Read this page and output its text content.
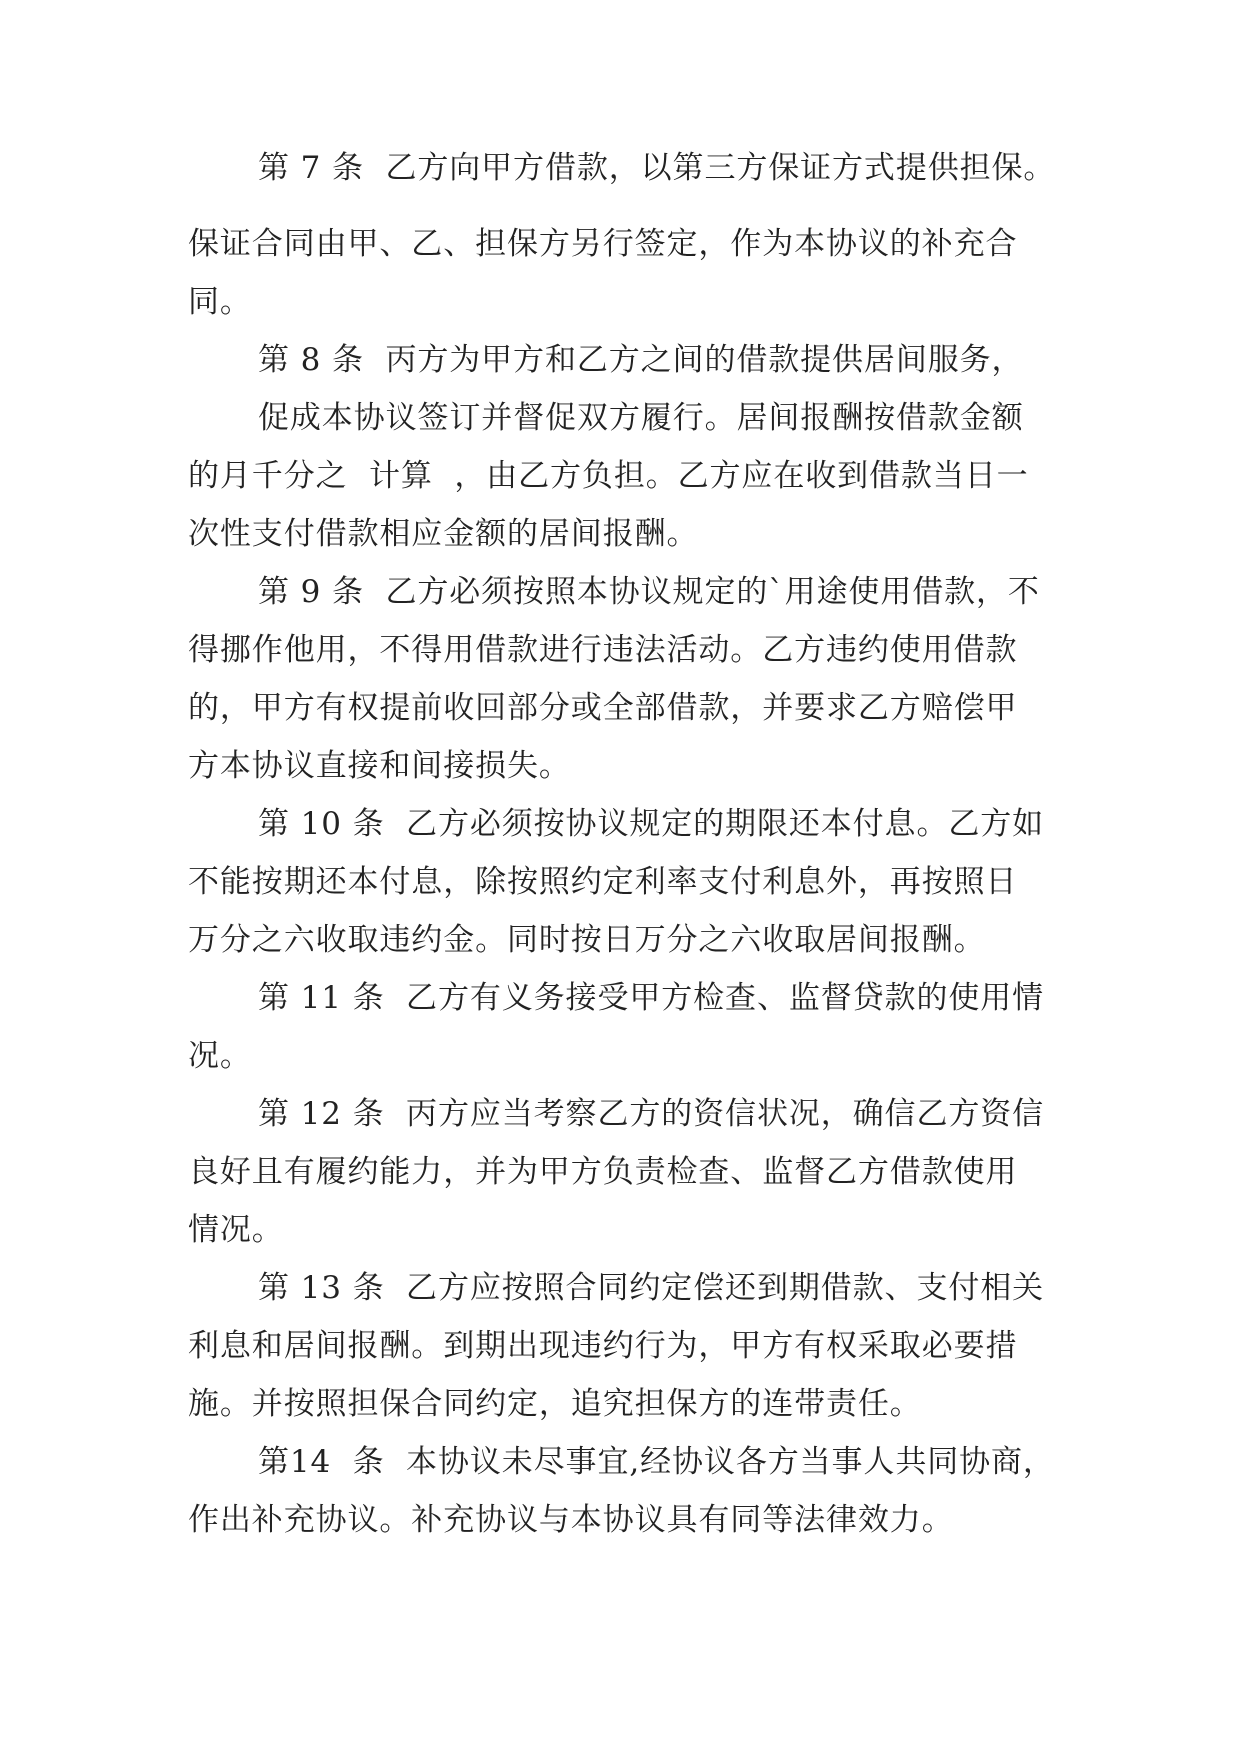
第 7 条  乙方向甲方借款，以第三方保证方式提供担保。
保证合同由甲、乙、担保方另行签定，作为本协议的补充合
同。
第 8 条  丙方为甲方和乙方之间的借款提供居间服务，
促成本协议签订并督促双方履行。居间报酬按借款金额
的月千分之  计算  ，由乙方负担。乙方应在收到借款当日一
次性支付借款相应金额的居间报酬。
第 9 条  乙方必须按照本协议规定的`用途使用借款，不
得挪作他用，不得用借款进行违法活动。乙方违约使用借款
的，甲方有权提前收回部分或全部借款，并要求乙方赔偿甲
方本协议直接和间接损失。
第 10 条  乙方必须按协议规定的期限还本付息。乙方如
不能按期还本付息，除按照约定利率支付利息外，再按照日
万分之六收取违约金。同时按日万分之六收取居间报酬。
第 11 条  乙方有义务接受甲方检查、监督贷款的使用情
况。
第 12 条  丙方应当考察乙方的资信状况，确信乙方资信
良好且有履约能力，并为甲方负责检查、监督乙方借款使用
情况。
第 13 条  乙方应按照合同约定偿还到期借款、支付相关
利息和居间报酬。到期出现违约行为，甲方有权采取必要措
施。并按照担保合同约定，追究担保方的连带责任。
第14  条  本协议未尽事宜,经协议各方当事人共同协商，
作出补充协议。补充协议与本协议具有同等法律效力。
